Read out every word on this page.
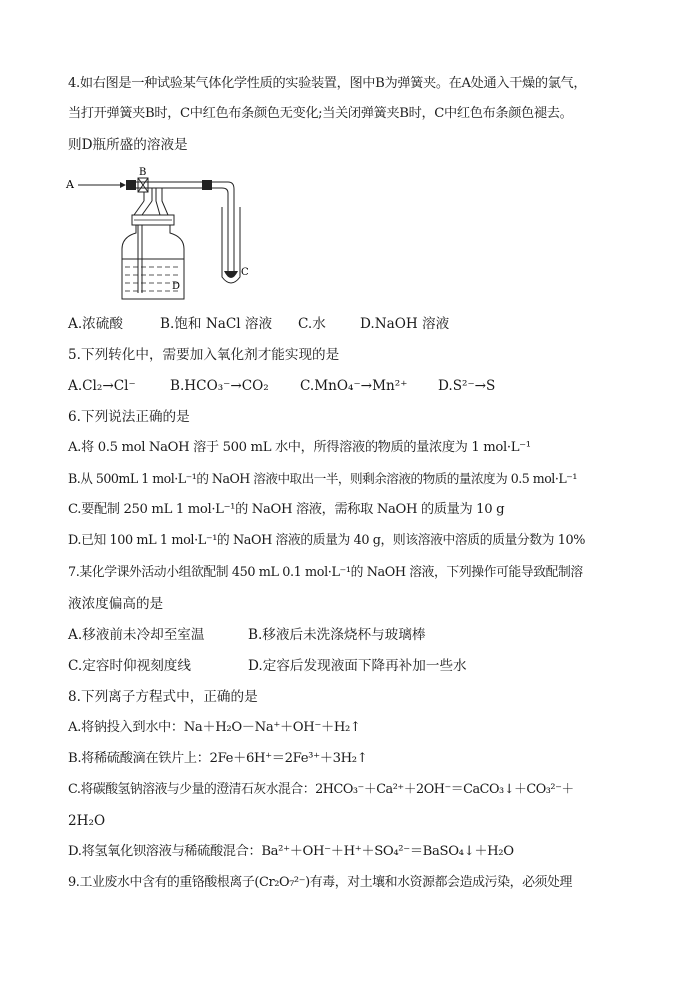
4.如右图是一种试验某气体化学性质的实验装置，图中B为弹簧夹。在A处通入干燥的氯气，
当打开弹簧夹B时，C中红色布条颜色无变化;当关闭弹簧夹B时，C中红色布条颜色褪去。
则D瓶所盛的溶液是
A
B
C
D
A.浓硫酸	B.饱和 NaCl 溶液 C.水	D.NaOH 溶液
5.下列转化中，需要加入氧化剂才能实现的是
A.Cl₂→Cl⁻	B.HCO₃⁻→CO₂ C.MnO₄⁻→Mn²⁺ D.S²⁻→S
6.下列说法正确的是
A.将 0.5 mol NaOH 溶于 500 mL 水中，所得溶液的物质的量浓度为 1 mol·L⁻¹
B.从 500mL 1 mol·L⁻¹的 NaOH 溶液中取出一半，则剩余溶液的物质的量浓度为 0.5 mol·L⁻¹
C.要配制 250 mL 1 mol·L⁻¹的 NaOH 溶液，需称取 NaOH 的质量为 10 g
D.已知 100 mL 1 mol·L⁻¹的 NaOH 溶液的质量为 40 g，则该溶液中溶质的质量分数为 10%
7.某化学课外活动小组欲配制 450 mL 0.1 mol·L⁻¹的 NaOH 溶液，下列操作可能导致配制溶
液浓度偏高的是
A.移液前未冷却至室温	B.移液后未洗涤烧杯与玻璃棒
C.定容时仰视刻度线	D.定容后发现液面下降再补加一些水
8.下列离子方程式中，正确的是
A.将钠投入到水中：Na＋H₂O－Na⁺＋OH⁻＋H₂↑
B.将稀硫酸滴在铁片上：2Fe＋6H⁺＝2Fe³⁺＋3H₂↑
C.将碳酸氢钠溶液与少量的澄清石灰水混合：2HCO₃⁻＋Ca²⁺＋2OH⁻＝CaCO₃↓＋CO₃²⁻＋
2H₂O
D.将氢氧化钡溶液与稀硫酸混合：Ba²⁺＋OH⁻＋H⁺＋SO₄²⁻＝BaSO₄↓＋H₂O
9.工业废水中含有的重铬酸根离子(Cr₂O₇²⁻)有毒，对土壤和水资源都会造成污染，必须处理
